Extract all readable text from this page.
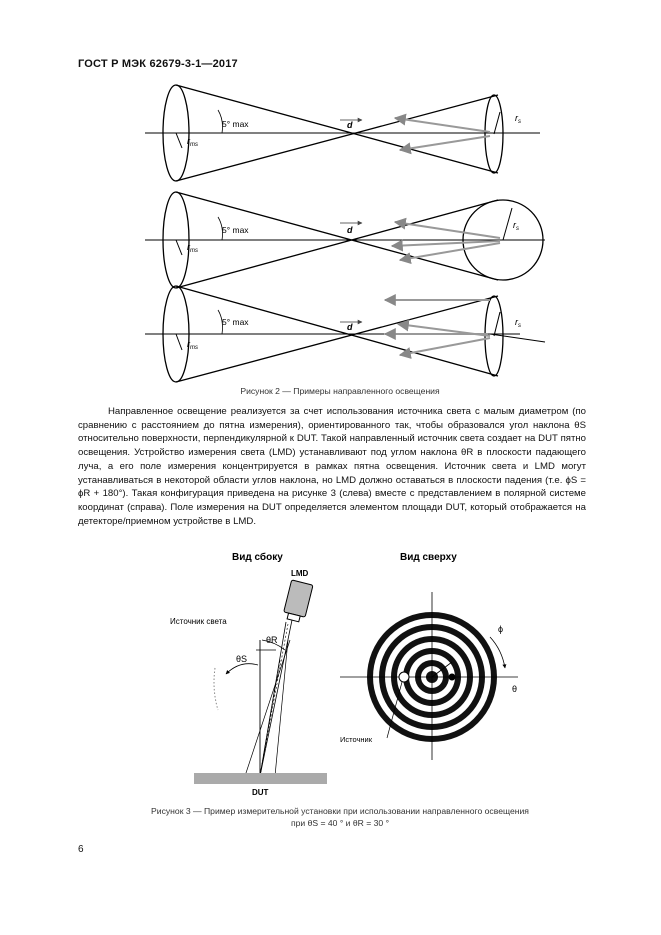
ГОСТ Р МЭК 62679-3-1—2017
5° max	d
$r_{ms}$
$r_s$
5° max	d
$r_{ms}$
$r_s$
5° max	d
$r_{ms}$
$r_s$
Рисунок 2 — Примеры направленного освещения

Направленное освещение реализуется за счет использования источника света с малым диаметром (по сравнению с расстоянием до пятна измерения), ориентированного так, чтобы образовался угол наклона θS относительно поверхности, перпендикулярной к DUT. Такой направленный источник света создает на DUT пятно освещения. Устройство измерения света (LMD) устанавливают под углом наклона θR в плоскости падающего луча, а его поле измерения концентрируется в рамках пятна освещения. Источник света и LMD могут устанавливаться в некоторой области углов наклона, но LMD должно оставаться в плоскости падения (т.е. ϕS = ϕR + 180°). Такая конфигурация приведена на рисунке 3 (слева) вместе с представлением в полярной системе координат (справа). Поле измерения на DUT определяется элементом площади DUT, который отображается на детекторе/приемном устройстве в LMD.

Вид сбоку
LMD
Источник света
θR
θS
DUT
Вид сверху
ϕ
θ
Источник
Рисунок 3 — Пример измерительной установки при использовании направленного освещения
при θS = 40 ° и θR = 30 °
6
